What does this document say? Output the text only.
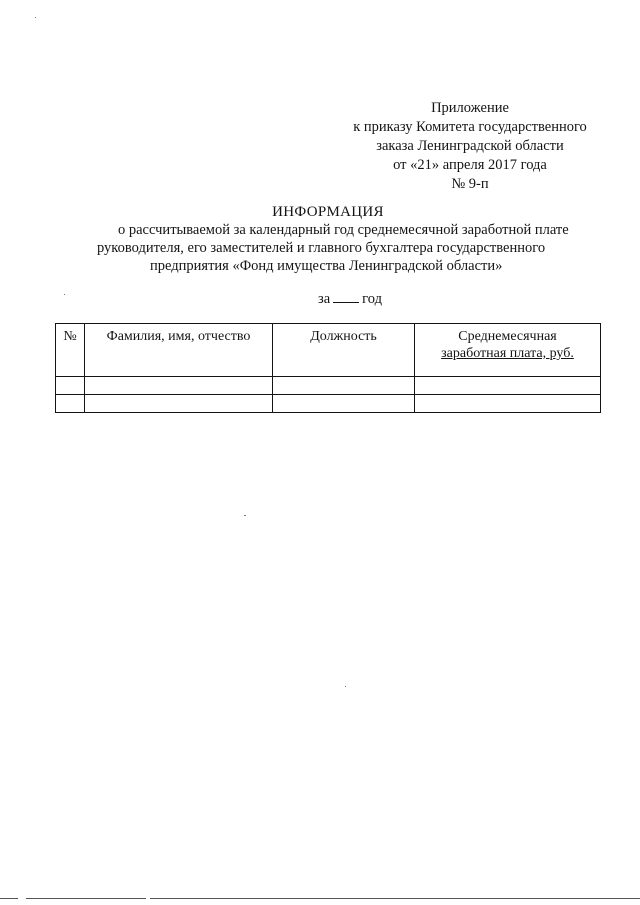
Приложение
к приказу Комитета государственного
заказа Ленинградской области
от «21» апреля 2017 года
№ 9-п
ИНФОРМАЦИЯ
о рассчитываемой за календарный год среднемесячной заработной плате
руководителя, его заместителей и главного бухгалтера государственного
предприятия «Фонд имущества Ленинградской области»
за год
№	Фамилия, имя, отчество	Должность	Среднемесячная
заработная плата, руб.
